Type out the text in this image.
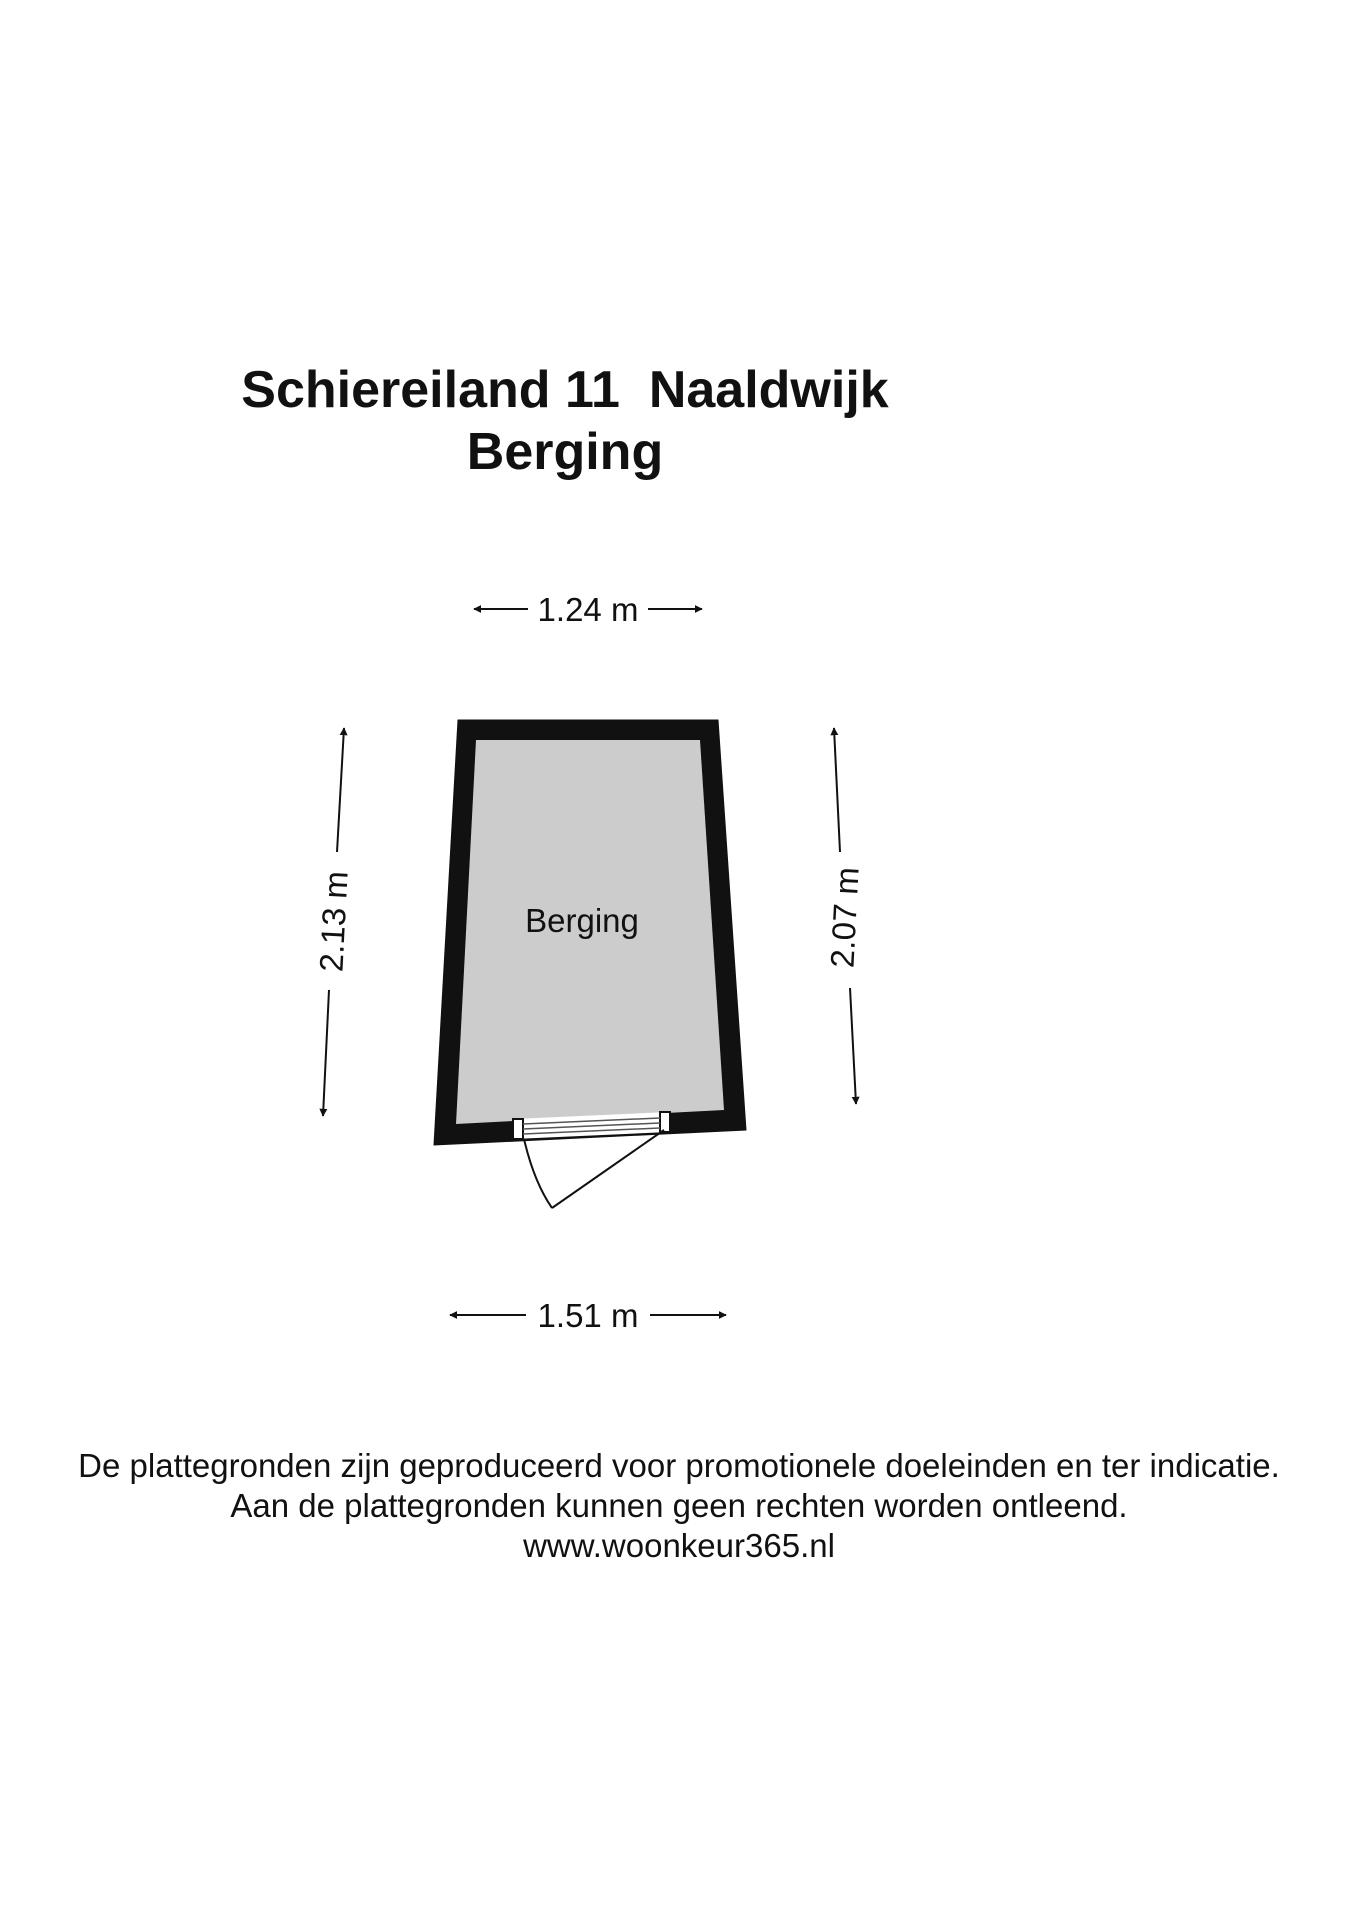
Schiereiland 11  Naaldwijk
Berging
Berging
1.24 m
1.51 m
2.13 m	2.07 m
De plattegronden zijn geproduceerd voor promotionele doeleinden en ter indicatie.
Aan de plattegronden kunnen geen rechten worden ontleend.
www.woonkeur365.nl
